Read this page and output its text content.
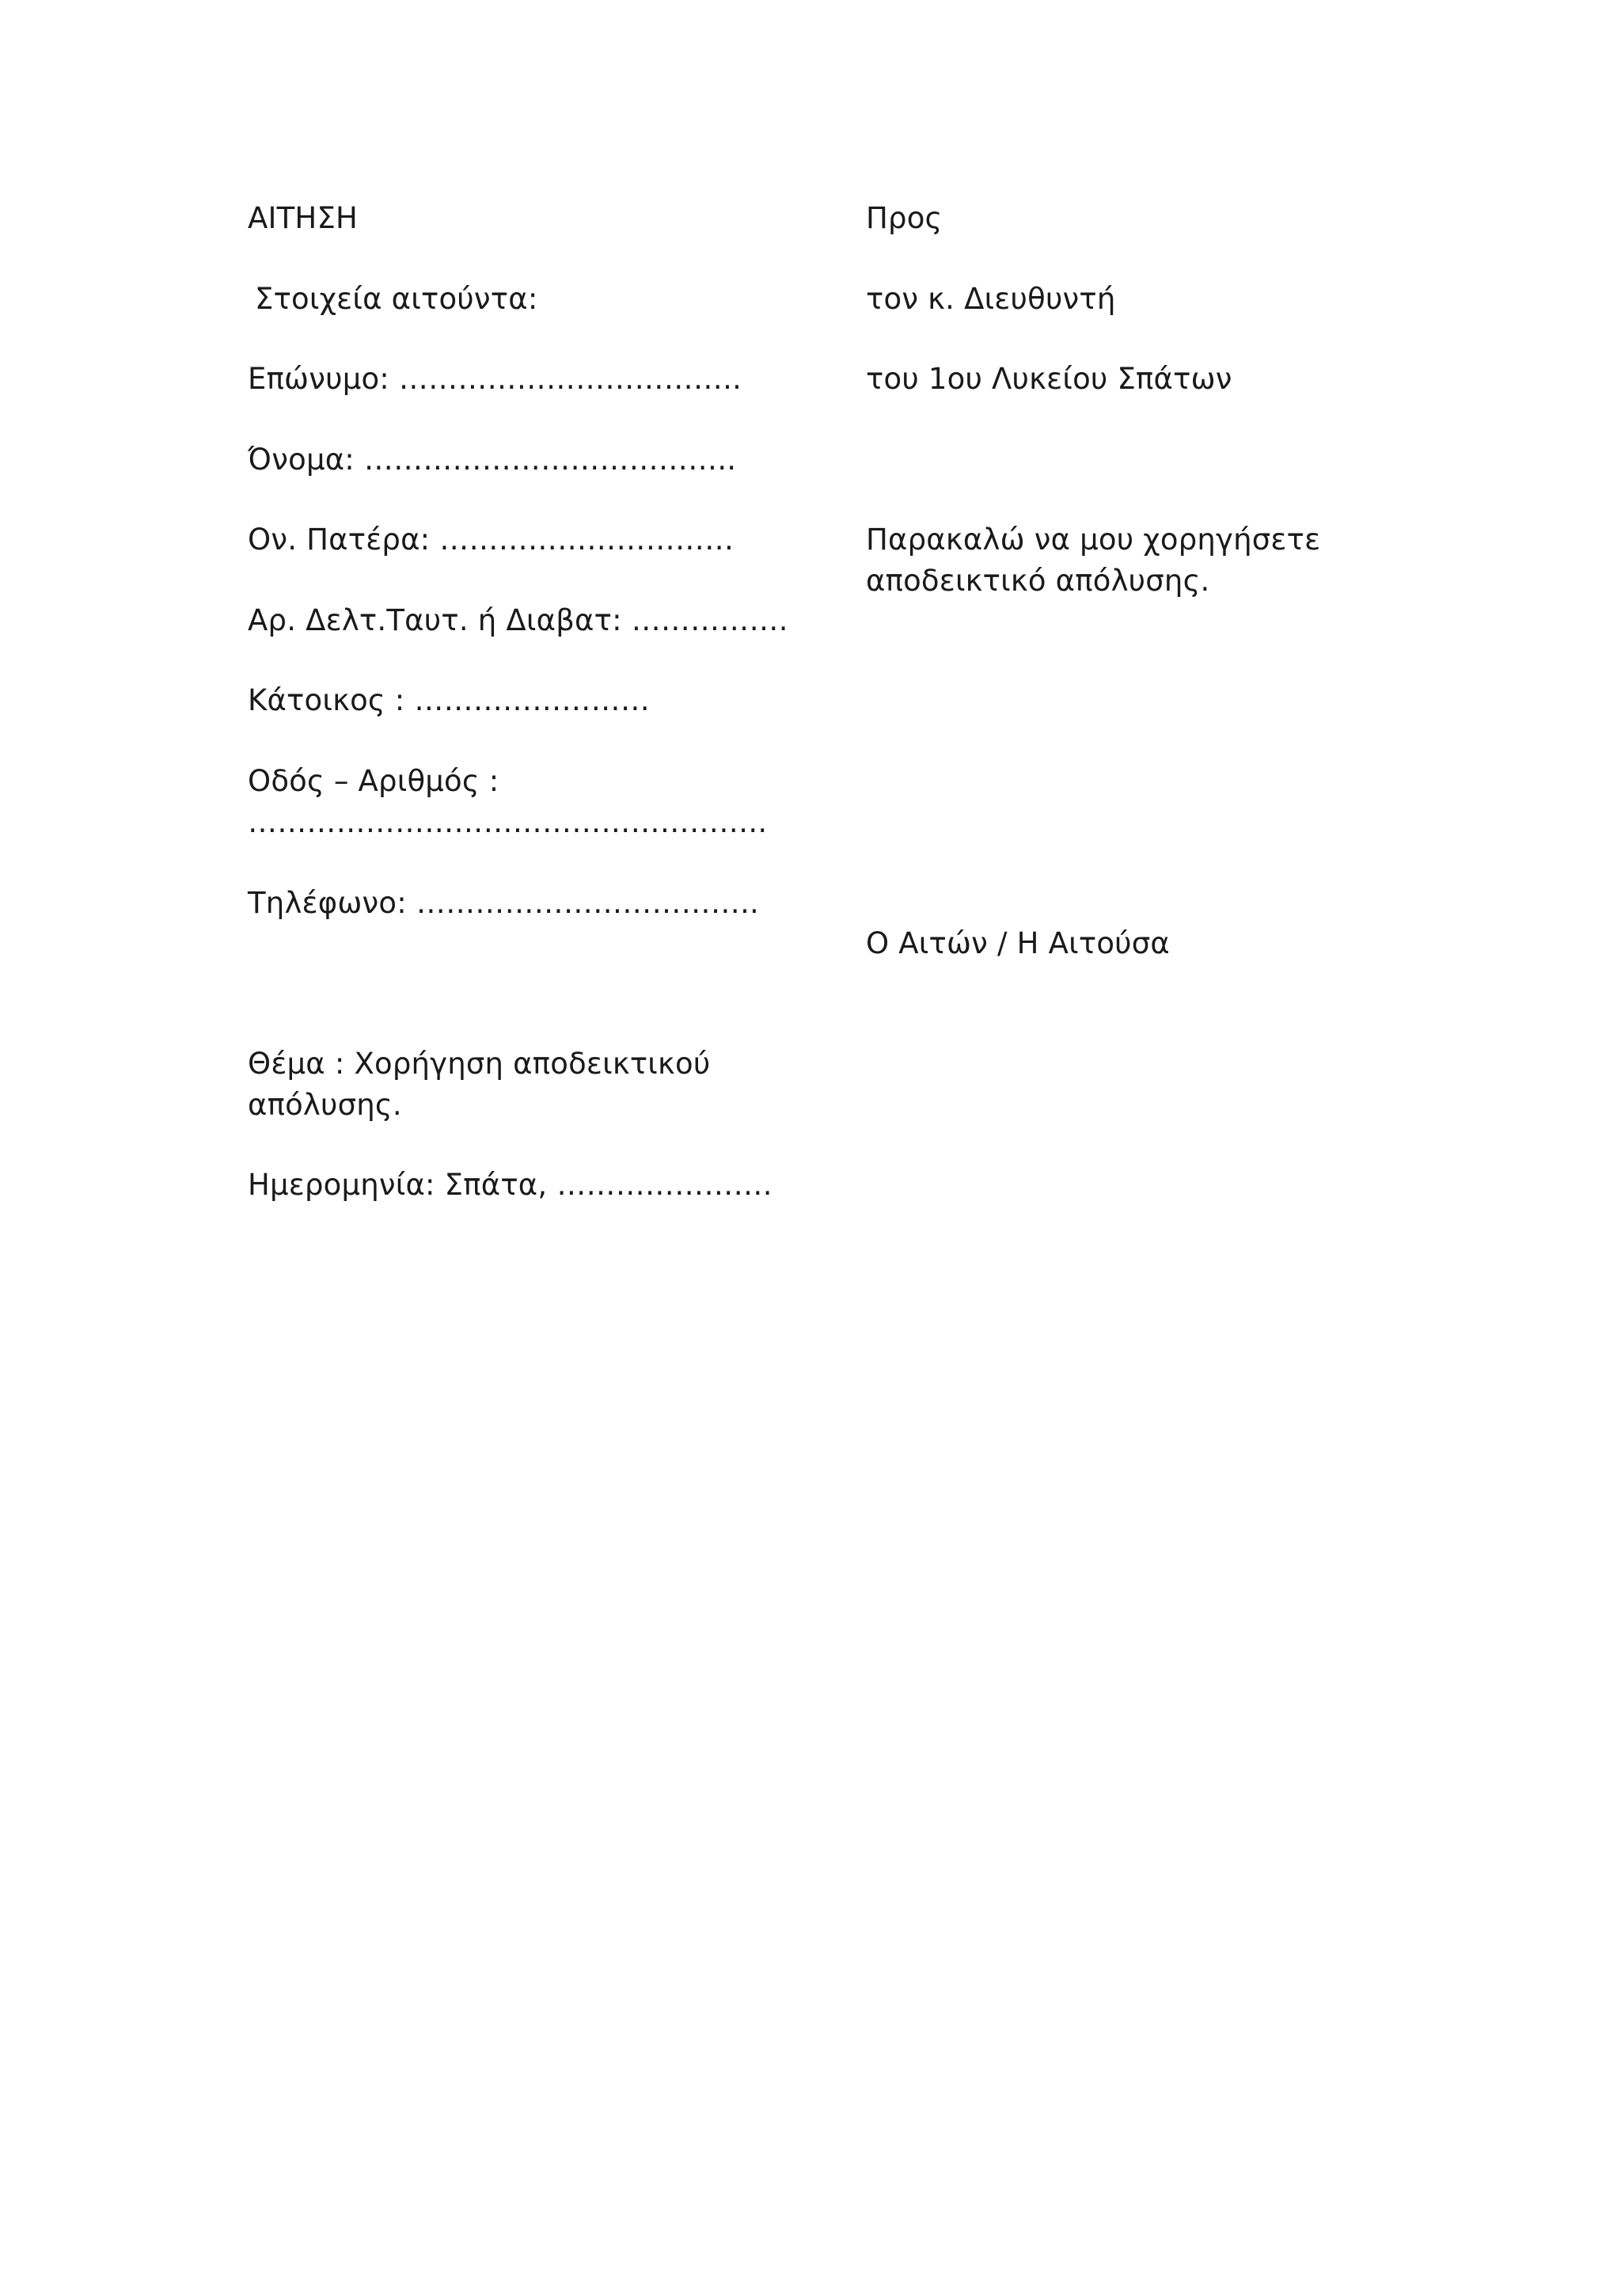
ΑΙΤΗΣΗ
Στοιχεία αιτούντα:
Επώνυμο: ……………………………..
Όνομα: ………………………………..
Ον. Πατέρα: …………………………
Αρ. Δελτ.Ταυτ. ή Διαβατ: …………….
Κάτοικος : ……………………
Οδός – Αριθμός :
……………………………………………..
Τηλέφωνο: ……………………………..
Θέμα : Χορήγηση αποδεικτικού
απόλυσης.
Ημερομηνία: Σπάτα, ………………….
Προς
τον κ. Διευθυντή
του 1ου Λυκείου Σπάτων
Παρακαλώ να μου χορηγήσετε
αποδεικτικό απόλυσης.
Ο Αιτών / Η Αιτούσα
